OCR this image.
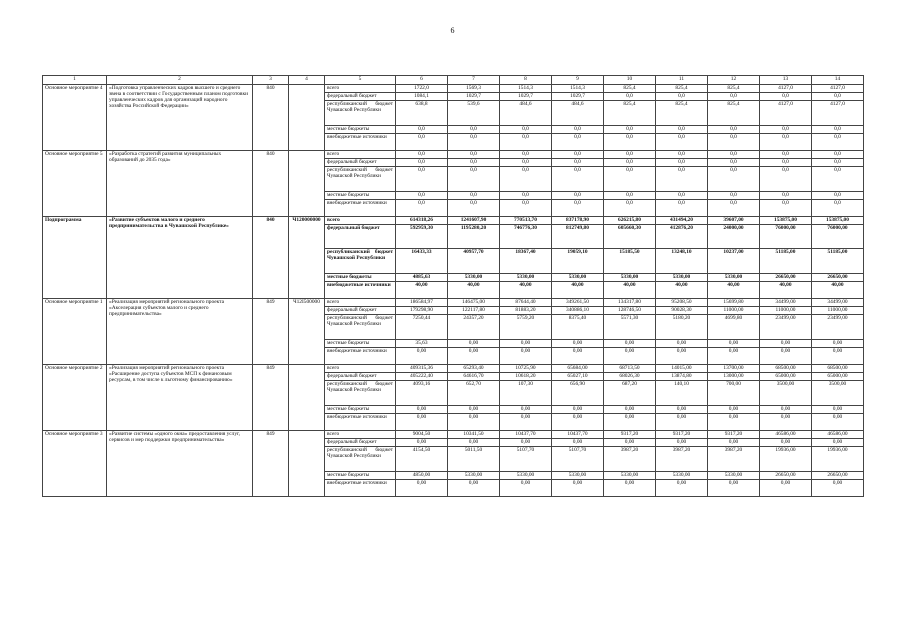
6
1	2	3	4	5	6	7	8	9	10	11	12	13	14
Основное мероприятие 4	«Подготовка управленческих кадров высшего и среднего звена в соответствии с Государственным планом подготовки управленческих кадров для организаций народного хозяйства Российской Федерации»	840		всего	1722,0	1569,3	1514,3	1514,3	825,4	825,4	825,4	4127,0	4127,0
				федеральный бюджет	1084,1	1029,7	1029,7	1029,7	0,0	0,0	0,0	0,0	0,0
				республиканский бюджет Чувашской Республики	638,8	539,6	484,6	484,6	825,4	825,4	825,4	4127,0	4127,0
				местные бюджеты	0,0	0,0	0,0	0,0	0,0	0,0	0,0	0,0	0,0
				внебюджетные источники	0,0	0,0	0,0	0,0	0,0	0,0	0,0	0,0	0,0
Основное мероприятие 5	«Разработка стратегий развития муниципальных образований до 2035 года»	840		всего	0,0	0,0	0,0	0,0	0,0	0,0	0,0	0,0	0,0
				федеральный бюджет	0,0	0,0	0,0	0,0	0,0	0,0	0,0	0,0	0,0
				республиканский бюджет Чувашской Республики	0,0	0,0	0,0	0,0	0,0	0,0	0,0	0,0	0,0
				местные бюджеты	0,0	0,0	0,0	0,0	0,0	0,0	0,0	0,0	0,0
				внебюджетные источники	0,0	0,0	0,0	0,0	0,0	0,0	0,0	0,0	0,0
Подпрограмма	«Развитие субъектов малого и среднего предпринимательства в Чувашской Республике»	840	Ч120000000	всего	614318,26	1241607,90	770513,70	837178,90	626215,80	431494,20	39607,00	153875,00	153875,00
				федеральный бюджет	592959,30	1195280,20	746776,30	812749,80	605660,30	412876,20	24000,00	76000,00	76000,00
				республиканский бюджет Чувашской Республики	16433,33	40957,70	18367,40	19059,10	15185,50	13248,10	10237,00	51185,00	51185,00
				местные бюджеты	4885,63	5330,00	5330,00	5330,00	5330,00	5330,00	5330,00	26650,00	26650,00
				внебюджетные источники	40,00	40,00	40,00	40,00	40,00	40,00	40,00	40,00	40,00
Основное мероприятие 1	«Реализация мероприятий регионального проекта «Акселерация субъектов малого и среднего предпринимательства»	849	Ч12I500000	всего	186584,97	146475,00	87644,40	349261,50	134317,80	95208,50	15699,80	34499,00	34499,00
				федеральный бюджет	179298,90	122117,80	81883,20	340886,10	128746,50	90028,30	11000,00	11000,00	11000,00
				республиканский бюджет Чувашской Республики	7250,44	24357,20	5759,20	8375,40	5571,30	5180,20	4699,80	23499,00	23499,00
				местные бюджеты	35,63	0,00	0,00	0,00	0,00	0,00	0,00	0,00	0,00
				внебюджетные источники	0,00	0,00	0,00	0,00	0,00	0,00	0,00	0,00	0,00
Основное мероприятие 2	«Реализация мероприятий регионального проекта «Расширение доступа субъектов МСП к финансовым ресурсам, в том числе к льготному финансированию»	849		всего	409315,36	65293,40	10725,90	65684,00	68713,50	14015,00	13700,00	68500,00	68500,00
				федеральный бюджет	405222,40	64616,70	10618,20	65027,10	68026,30	13874,80	13000,00	65000,00	65000,00
				республиканский бюджет Чувашской Республики	4093,16	652,70	107,30	656,90	687,20	140,10	700,00	3500,00	3500,00
				местные бюджеты	0,00	0,00	0,00	0,00	0,00	0,00	0,00	0,00	0,00
				внебюджетные источники	0,00	0,00	0,00	0,00	0,00	0,00	0,00	0,00	0,00
Основное мероприятие 3	«Развитие системы «одного окна» предоставления услуг, сервисов и мер поддержки предпринимательства»	849		всего	9004,50	10341,50	10437,70	10437,70	9317,20	9317,20	9317,20	46586,00	46586,00
				федеральный бюджет	0,00	0,00	0,00	0,00	0,00	0,00	0,00	0,00	0,00
				республиканский бюджет Чувашской Республики	4154,50	5011,50	5107,70	5107,70	3987,20	3987,20	3987,20	19936,00	19936,00
				местные бюджеты	4850,00	5330,00	5330,00	5330,00	5330,00	5330,00	5330,00	26650,00	26650,00
				внебюджетные источники	0,00	0,00	0,00	0,00	0,00	0,00	0,00	0,00	0,00
